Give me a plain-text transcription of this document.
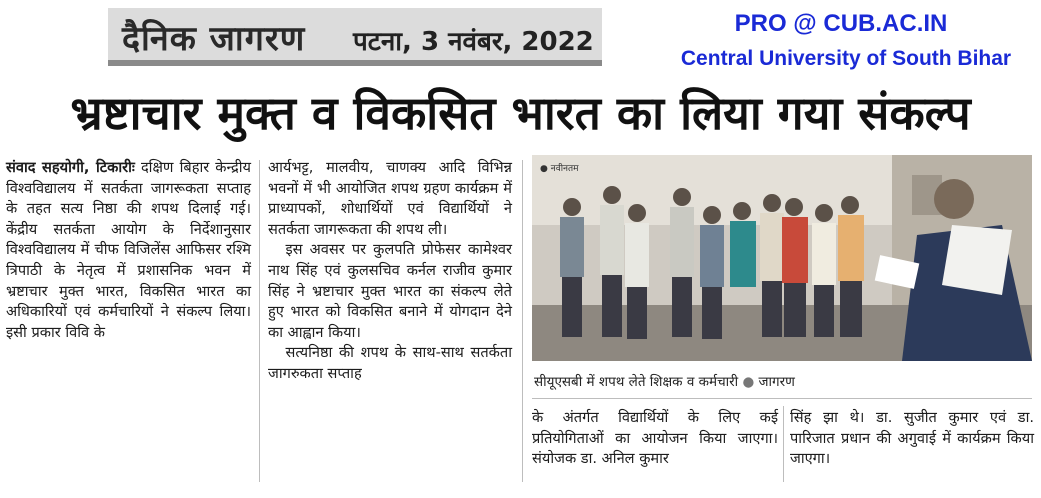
दैनिक जागरण पटना, 3 नवंबर, 2022
PRO @ CUB.AC.IN
Central University of South Bihar
भ्रष्टाचार मुक्त व विकसित भारत का लिया गया संकल्प

संवाद सहयोगी, टिकारीः दक्षिण बिहार केन्द्रीय विश्वविद्यालय में सतर्कता जागरूकता सप्ताह के तहत सत्य निष्ठा की शपथ दिलाई गई। केंद्रीय सतर्कता आयोग के निर्देशानुसार विश्वविद्यालय में चीफ विजिलेंस आफिसर रश्मि त्रिपाठी के नेतृत्व में प्रशासनिक भवन में भ्रष्टाचार मुक्त भारत, विकसित भारत का अधिकारियों एवं कर्मचारियों ने संकल्प लिया। इसी प्रकार विवि के

आर्यभट्ट, मालवीय, चाणक्य आदि विभिन्न भवनों में भी आयोजित शपथ ग्रहण कार्यक्रम में प्राध्यापकों, शोधार्थियों एवं विद्यार्थियों ने सतर्कता जागरूकता की शपथ ली।

इस अवसर पर कुलपति प्रोफेसर कामेश्वर नाथ सिंह एवं कुलसचिव कर्नल राजीव कुमार सिंह ने भ्रष्टाचार मुक्त भारत का संकल्प लेते हुए भारत को विकसित बनाने में योगदान देने का आह्वान किया।

सत्यनिष्ठा की शपथ के साथ-साथ सतर्कता जागरुकता सप्ताह

● नवीनतम
सीयूएसबी में शपथ लेते शिक्षक व कर्मचारी ● जागरण

के अंतर्गत विद्यार्थियों के लिए कई प्रतियोगिताओं का आयोजन किया जाएगा। संयोजक डा. अनिल कुमार

सिंह झा थे। डा. सुजीत कुमार एवं डा. पारिजात प्रधान की अगुवाई में कार्यक्रम किया जाएगा।
